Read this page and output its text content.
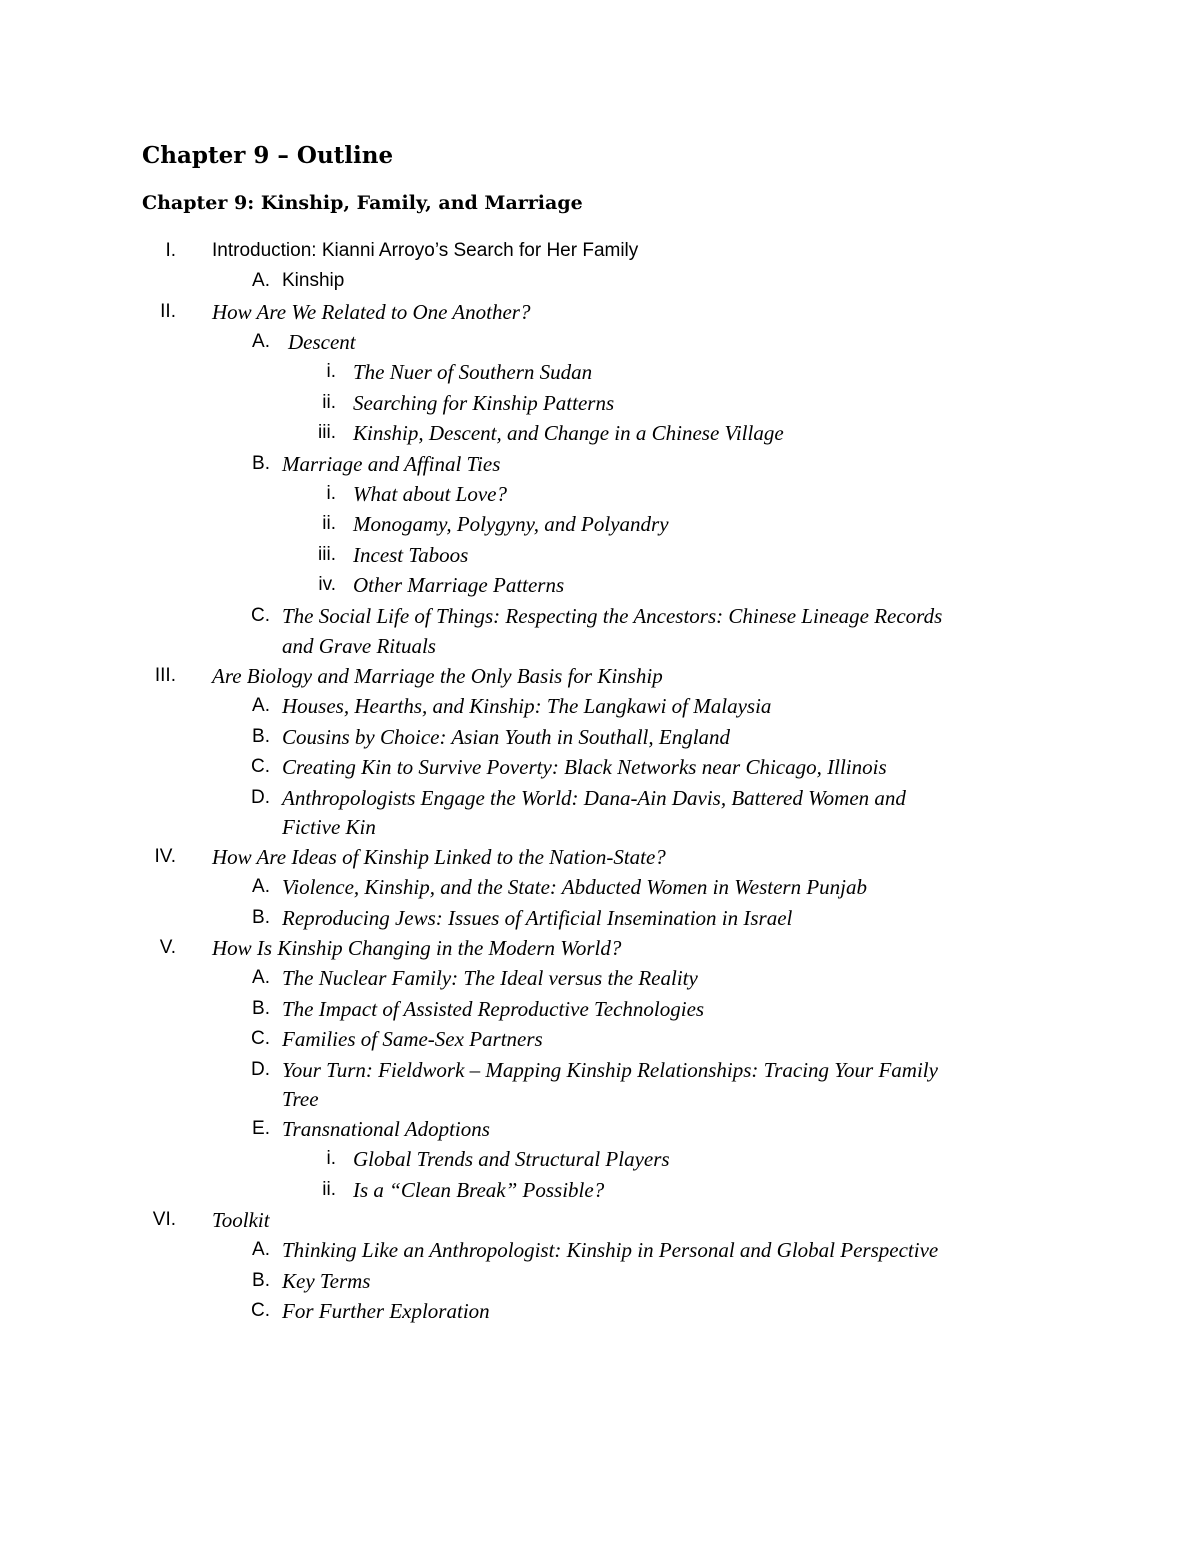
Chapter 9 – Outline
Chapter 9: Kinship, Family, and Marriage
I. Introduction: Kianni Arroyo’s Search for Her Family
A. Kinship
II. How Are We Related to One Another?
A. Descent
i. The Nuer of Southern Sudan
ii. Searching for Kinship Patterns
iii. Kinship, Descent, and Change in a Chinese Village
B. Marriage and Affinal Ties
i. What about Love?
ii. Monogamy, Polygyny, and Polyandry
iii. Incest Taboos
iv. Other Marriage Patterns
C. The Social Life of Things: Respecting the Ancestors: Chinese Lineage Records
and Grave Rituals
III. Are Biology and Marriage the Only Basis for Kinship
A. Houses, Hearths, and Kinship: The Langkawi of Malaysia
B. Cousins by Choice: Asian Youth in Southall, England
C. Creating Kin to Survive Poverty: Black Networks near Chicago, Illinois
D. Anthropologists Engage the World: Dana-Ain Davis, Battered Women and
Fictive Kin
IV. How Are Ideas of Kinship Linked to the Nation-State?
A. Violence, Kinship, and the State: Abducted Women in Western Punjab
B. Reproducing Jews: Issues of Artificial Insemination in Israel
V. How Is Kinship Changing in the Modern World?
A. The Nuclear Family: The Ideal versus the Reality
B. The Impact of Assisted Reproductive Technologies
C. Families of Same-Sex Partners
D. Your Turn: Fieldwork – Mapping Kinship Relationships: Tracing Your Family
Tree
E. Transnational Adoptions
i. Global Trends and Structural Players
ii. Is a “Clean Break” Possible?
VI. Toolkit
A. Thinking Like an Anthropologist: Kinship in Personal and Global Perspective
B. Key Terms
C. For Further Exploration
